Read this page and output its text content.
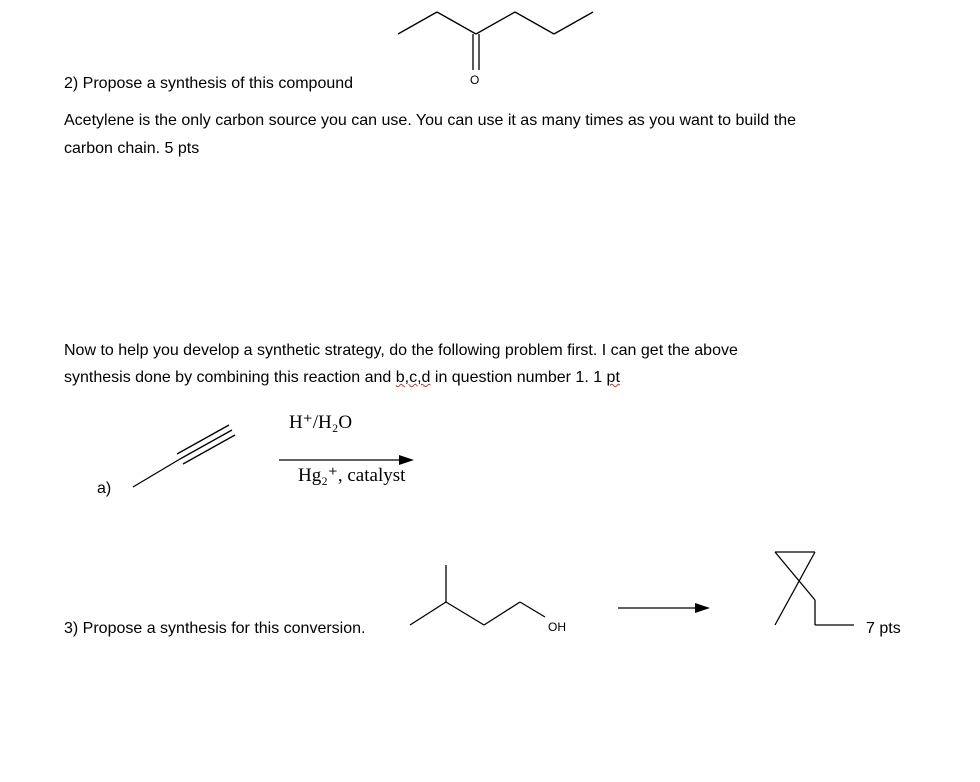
O
2) Propose a synthesis of this compound
Acetylene is the only carbon source you can use. You can use it as many times as you want to build the
carbon chain. 5 pts
Now to help you develop a synthetic strategy, do the following problem first. I can get the above
synthesis done by combining this reaction and b,c,d in question number 1. 1 pt
a)
H⁺/H₂O
Hg₂⁺, catalyst
3) Propose a synthesis for this conversion.	OH	7 pts
